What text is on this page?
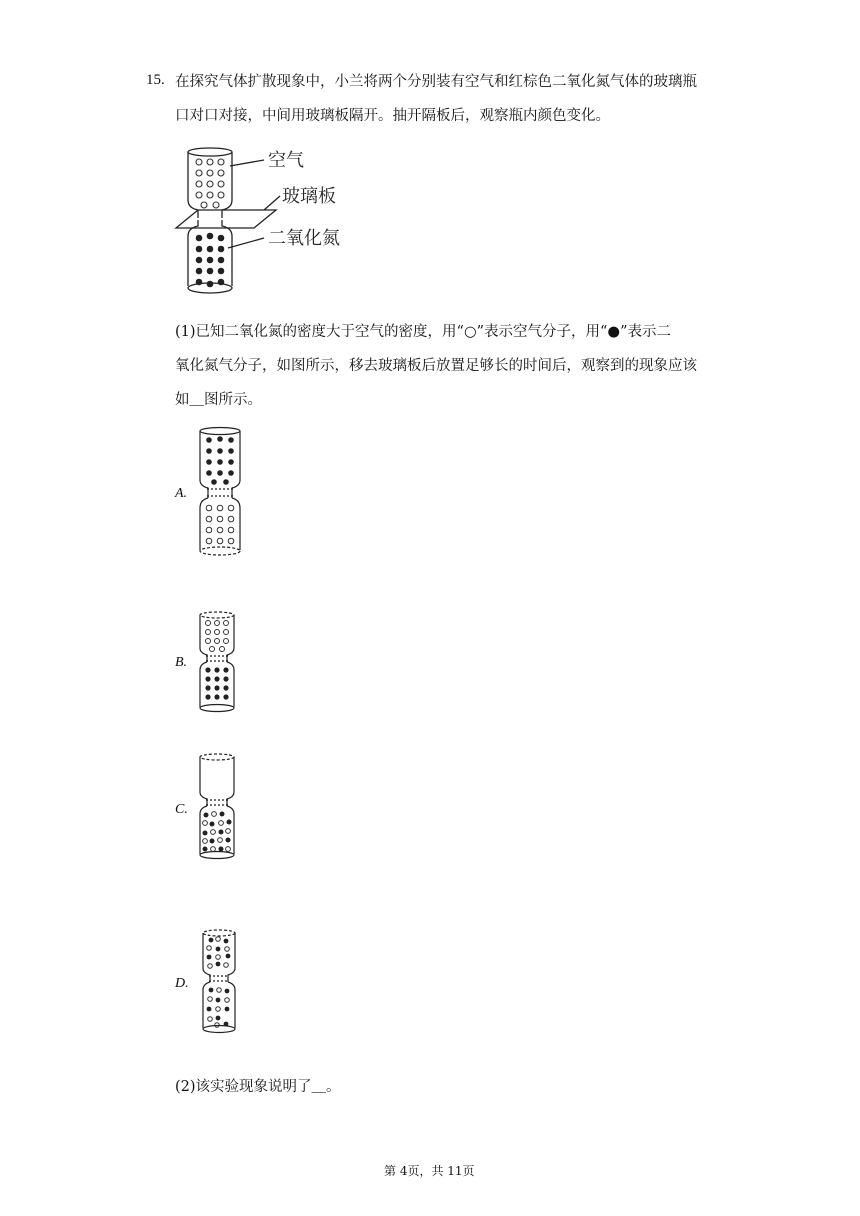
15. 在探究气体扩散现象中，小兰将两个分别装有空气和红棕色二氧化氮气体的玻璃瓶
口对口对接，中间用玻璃板隔开。抽开隔板后，观察瓶内颜色变化。
空气
玻璃板
二氧化氮
(1)已知二氧化氮的密度大于空气的密度，用“○”表示空气分子，用“●”表示二
氧化氮气分子，如图所示，移去玻璃板后放置足够长的时间后，观察到的现象应该
如＿图所示。
A.
B.
C.
D.
(2)该实验现象说明了＿。
第 4页，共 11页
